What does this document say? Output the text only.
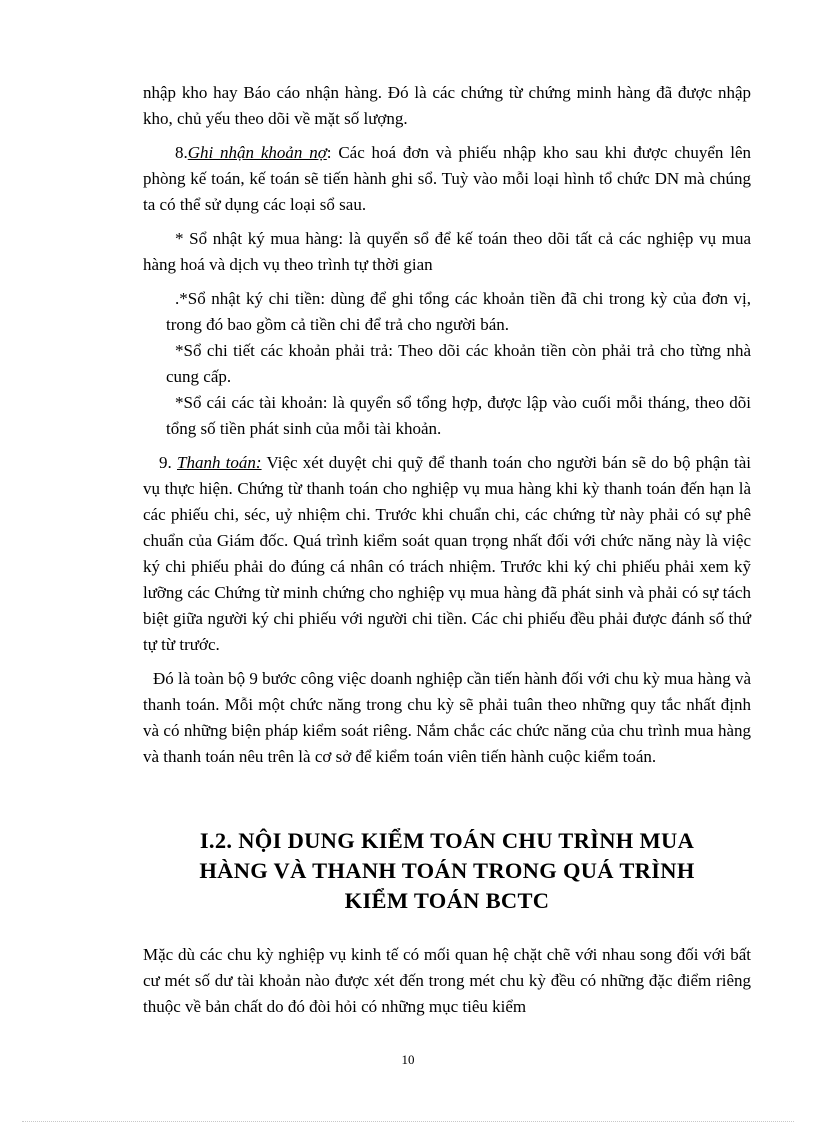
nhập kho hay Báo cáo nhận hàng. Đó là các chứng từ chứng minh hàng đã được nhập kho, chủ yếu theo dõi về mặt số lượng.

8.Ghi nhận khoản nợ: Các hoá đơn và phiếu nhập kho sau khi được chuyển lên phòng kế toán, kế toán sẽ tiến hành ghi sổ. Tuỳ vào mỗi loại hình tổ chức DN mà chúng ta có thể sử dụng các loại sổ sau.

* Sổ nhật ký mua hàng: là quyển sổ để kế toán theo dõi tất cả các nghiệp vụ mua hàng hoá và dịch vụ theo trình tự thời gian

.*Sổ nhật ký chi tiền: dùng để ghi tổng các khoản tiền đã chi trong kỳ của đơn vị, trong đó bao gồm cả tiền chi để trả cho người bán.

*Sổ chi tiết các khoản phải trả: Theo dõi các khoản tiền còn phải trả cho từng nhà cung cấp.

*Sổ cái các tài khoản: là quyển sổ tổng hợp, được lập vào cuối mỗi tháng, theo dõi tổng số tiền phát sinh của mỗi tài khoản.

9. Thanh toán: Việc xét duyệt chi quỹ để thanh toán cho người bán sẽ do bộ phận tài vụ thực hiện. Chứng từ thanh toán cho nghiệp vụ mua hàng khi kỳ thanh toán đến hạn là các phiếu chi, séc, uỷ nhiệm chi. Trước khi chuẩn chi, các chứng từ này phải có sự phê chuẩn của Giám đốc. Quá trình kiểm soát quan trọng nhất đối với chức năng này là việc ký chi phiếu phải do đúng cá nhân có trách nhiệm. Trước khi ký chi phiếu phải xem kỹ lưỡng các Chứng từ minh chứng cho nghiệp vụ mua hàng đã phát sinh và phải có sự tách biệt giữa người ký chi phiếu với người chi tiền. Các chi phiếu đều phải được đánh số thứ tự từ trước.

Đó là toàn bộ 9 bước công việc doanh nghiệp cần tiến hành đối với chu kỳ mua hàng và thanh toán. Mỗi một chức năng trong chu kỳ sẽ phải tuân theo những quy tắc nhất định và có những biện pháp kiểm soát riêng. Nắm chắc các chức năng của chu trình mua hàng và thanh toán nêu trên là cơ sở để kiểm toán viên tiến hành cuộc kiểm toán.

I.2. NỘI DUNG KIỂM TOÁN CHU TRÌNH MUA
HÀNG VÀ THANH TOÁN TRONG QUÁ TRÌNH
KIỂM TOÁN BCTC

Mặc dù các chu kỳ nghiệp vụ kinh tế có mối quan hệ chặt chẽ với nhau song đối với bất cư mét số dư tài khoản nào được xét đến trong mét chu kỳ đều có những đặc điểm riêng thuộc về bản chất do đó đòi hỏi có những mục tiêu kiểm

10
